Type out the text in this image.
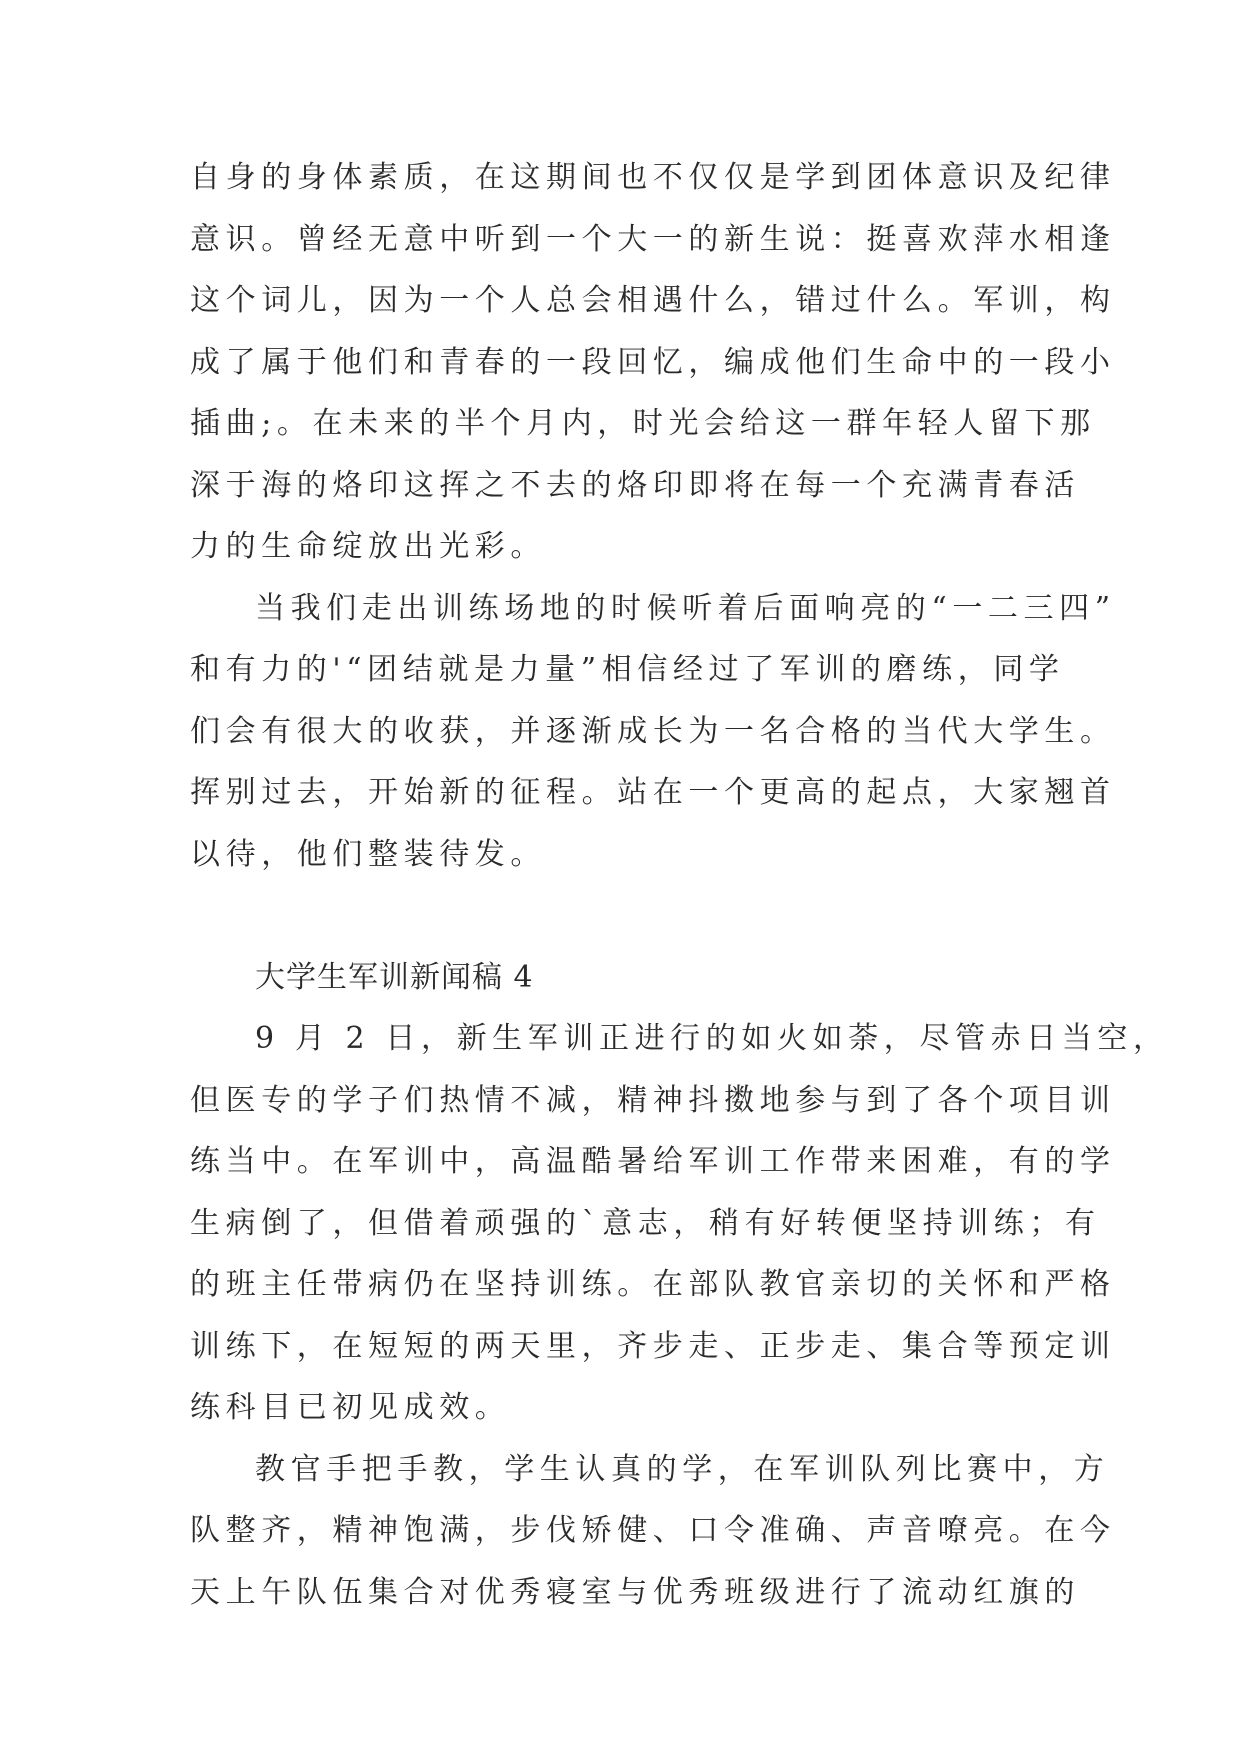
自身的身体素质，在这期间也不仅仅是学到团体意识及纪律

意识。曾经无意中听到一个大一的新生说：挺喜欢萍水相逢

这个词儿，因为一个人总会相遇什么，错过什么。军训，构

成了属于他们和青春的一段回忆，编成他们生命中的一段小

插曲;。在未来的半个月内，时光会给这一群年轻人留下那

深于海的烙印这挥之不去的烙印即将在每一个充满青春活

力的生命绽放出光彩。

当我们走出训练场地的时候听着后面响亮的“一二三四”

和有力的'“团结就是力量”相信经过了军训的磨练，同学

们会有很大的收获，并逐渐成长为一名合格的当代大学生。

挥别过去，开始新的征程。站在一个更高的起点，大家翘首

以待，他们整装待发。

大学生军训新闻稿 4

9 月 2 日，新生军训正进行的如火如荼，尽管赤日当空，

但医专的学子们热情不减，精神抖擞地参与到了各个项目训

练当中。在军训中，高温酷暑给军训工作带来困难，有的学

生病倒了，但借着顽强的`意志，稍有好转便坚持训练；有

的班主任带病仍在坚持训练。在部队教官亲切的关怀和严格

训练下，在短短的两天里，齐步走、正步走、集合等预定训

练科目已初见成效。

教官手把手教，学生认真的学，在军训队列比赛中，方

队整齐，精神饱满，步伐矫健、口令准确、声音嘹亮。在今

天上午队伍集合对优秀寝室与优秀班级进行了流动红旗的
